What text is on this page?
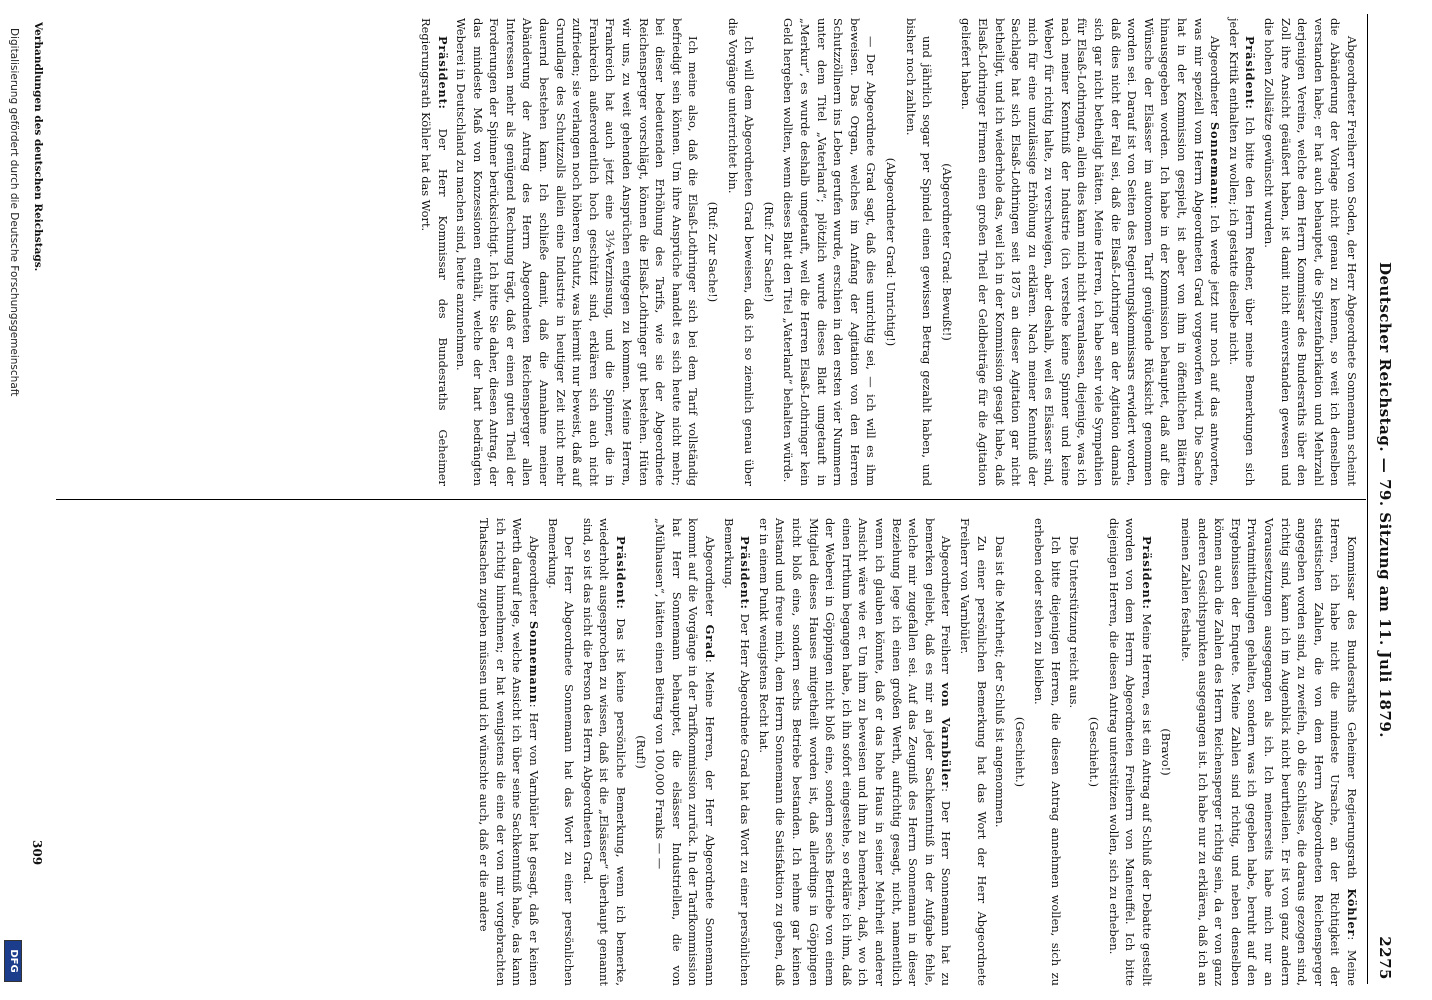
Deutscher Reichstag. — 79. Sitzung am 11. Juli 1879.
2275

Abgeordneter Freiherr von Soden, der Herr Abgeordnete Sonnemann scheint die Abänderung der Vorlage nicht genau zu kennen, so weit ich denselben verstanden habe; er hat auch behauptet, die Spitzenfabrikation und Mehrzahl derjenigen Vereine, welche dem Herrn Kommissar des Bundesraths über den Zoll ihre Ansicht geäußert haben, ist damit nicht einverstanden gewesen und die hohen Zollsätze gewünscht wurden.

Präsident: Ich bitte den Herrn Redner, über meine Bemerkungen sich jeder Kritik enthalten zu wollen; ich gestatte dieselbe nicht.

Abgeordneter Sonnemann: Ich werde jetzt nur noch auf das antworten, was mir speziell vom Herrn Abgeordneten Grad vorgeworfen wird. Die Sache hat in der Kommission gespielt, ist aber von ihm in öffentlichen Blättern hinausgegeben worden. Ich habe in der Kommission behauptet, daß auf die Wünsche der Elsässer im autonomen Tarif genügende Rücksicht genommen worden sei. Darauf ist von Seiten des Regierungskommissars erwidert worden, daß dies nicht der Fall sei, daß die Elsaß-Lothringer an der Agitation damals sich gar nicht betheiligt hätten. Meine Herren, ich habe sehr viele Sympathien für Elsaß-Lothringen, allein dies kann mich nicht veranlassen, diejenige, was ich nach meiner Kenntniß der Industrie (ich verstehe keine Spinner und keine Weber) für richtig halte, zu verschweigen, aber deshalb, weil es Elsässer sind, mich für eine unzulässige Erhöhung zu erklären. Nach meiner Kenntniß der Sachlage hat sich Elsaß-Lothringen seit 1875 an dieser Agitation gar nicht betheiligt, und ich wiederhole das, weil ich in der Kommission gesagt habe, daß Elsaß-Lothringer Firmen einen großen Theil der Geldbeiträge für die Agitation geliefert haben.

(Abgeordneter Grad: Bewußt!)

und jährlich sogar per Spindel einen gewissen Betrag gezahlt haben, und bisher noch zahlten.

(Abgeordneter Grad: Unrichtig!)

— Der Abgeordnete Grad sagt, daß dies unrichtig sei, — ich will es ihm beweisen. Das Organ, welches im Anfang der Agitation von den Herren Schutzzöllnern ins Leben gerufen wurde, erschien in den ersten vier Nummern unter dem Titel „Vaterland“; plötzlich wurde dieses Blatt umgetauft in „Merkur“, es wurde deshalb umgetauft, weil die Herren Elsaß-Lothringer kein Geld hergeben wollten, wenn dieses Blatt den Titel „Vaterland“ behalten würde.

(Ruf: Zur Sache!)

Ich will dem Abgeordneten Grad beweisen, daß ich so ziemlich genau über die Vorgänge unterrichtet bin.

(Ruf: Zur Sache!)

Ich meine also, daß die Elsaß-Lothringer sich bei dem Tarif vollständig befriedigt sein können. Um ihre Ansprüche handelt es sich heute nicht mehr; bei dieser bedeutenden Erhöhung des Tarifs, wie sie der Abgeordnete Reichensperger vorschlägt, können die Elsaß-Lothringer gut bestehen. Hüten wir uns, zu weit gehenden Ansprüchen entgegen zu kommen. Meine Herren, Frankreich hat auch jetzt eine 3⅓-Verzinsung, und die Spinner, die in Frankreich außerordentlich hoch geschützt sind, erklären sich auch nicht zufrieden; sie verlangen noch höheren Schutz, was hiermit nur beweist, daß auf Grundlage des Schutzzolls allein eine Industrie in heutiger Zeit nicht mehr dauernd bestehen kann. Ich schließe damit, daß die Annahme meiner Abänderung der Antrag des Herrn Abgeordneten Reichensperger allen Interessen mehr als genügend Rechnung trägt, daß er einen guten Theil der Forderungen der Spinner berücksichtigt. Ich bitte Sie daher, diesen Antrag, der das mindeste Maß von Konzessionen enthält, welche der hart bedrängten Weberei in Deutschland zu machen sind, heute anzunehmen.

Präsident: Der Herr Kommissar des Bundesraths Geheimer Regierungsrath Köhler hat das Wort.

Kommissar des Bundesraths Geheimer Regierungsrath Köhler: Meine Herren, ich habe nicht die mindeste Ursache, an der Richtigkeit der statistischen Zahlen, die von dem Herrn Abgeordneten Reichensperger angegeben worden sind, zu zweifeln, ob die Schlüsse, die daraus gezogen sind, richtig sind, kann ich im Augenblick nicht beurtheilen. Er ist von ganz andern Voraussetzungen ausgegangen als ich. Ich meinerseits habe mich nur an Privatmittheilungen gehalten, sondern was ich gegeben habe, beruht auf den Ergebnissen der Enquete. Meine Zahlen sind richtig, und neben denselben können auch die Zahlen des Herrn Reichensperger richtig sein, da er von ganz anderen Gesichtspunkten ausgegangen ist. Ich habe nur zu erklären, daß ich an meinen Zahlen festhalte.

(Bravo!)

Präsident: Meine Herren, es ist ein Antrag auf Schluß der Debatte gestellt worden von dem Herrn Abgeordneten Freiherrn von Manteuffel. Ich bitte diejenigen Herren, die diesen Antrag unterstützen wollen, sich zu erheben.

(Geschieht.)

Die Unterstützung reicht aus.

Ich bitte diejenigen Herren, die diesen Antrag annehmen wollen, sich zu erheben oder stehen zu bleiben.

(Geschieht.)

Das ist die Mehrheit; der Schluß ist angenommen.

Zu einer persönlichen Bemerkung hat das Wort der Herr Abgeordnete Freiherr von Varnbüler.

Abgeordneter Freiherr von Varnbüler: Der Herr Sonnemann hat zu bemerken geliebt, daß es mir an jeder Sachkenntniß in der Aufgabe fehle, welche mir zugefallen sei. Auf das Zeugniß des Herrn Sonnemann in dieser Beziehung lege ich einen großen Werth, aufrichtig gesagt, nicht, namentlich wenn ich glauben könnte, daß er das hohe Haus in seiner Mehrheit anderer Ansicht wäre wie er. Um ihm zu beweisen und ihm zu bemerken, daß, wo ich einen Irrthum begangen habe, ich ihn sofort eingestehe, so erkläre ich ihm, daß der Weberei in Göppingen nicht bloß eine, sondern sechs Betriebe von einem Mitglied dieses Hauses mitgetheilt worden ist, daß allerdings in Göppingen nicht bloß eine, sondern sechs Betriebe bestanden. Ich nehme gar keinen Anstand und freue mich, dem Herrn Sonnemann die Satisfaktion zu geben, daß er in einem Punkt wenigstens Recht hat.

Präsident: Der Herr Abgeordnete Grad hat das Wort zu einer persönlichen Bemerkung.

Abgeordneter Grad: Meine Herren, der Herr Abgeordnete Sonnemann kommt auf die Vorgänge in der Tarifkommission zurück. In der Tarifkommission hat Herr Sonnemann behauptet, die elsässer Industriellen, die von „Mülhausen“, hätten einen Beitrag von 100,000 Franks — —

(Ruf!)

Präsident: Das ist keine persönliche Bemerkung, wenn ich bemerke, wiederholt ausgesprochen zu wissen, daß ist die „Elsässer“ überhaupt genannt sind, so ist das nicht die Person des Herrn Abgeordneten Grad.

Der Herr Abgeordnete Sonnemann hat das Wort zu einer persönlichen Bemerkung.

Abgeordneter Sonnemann: Herr von Varnbüler hat gesagt, daß er keinen Werth darauf lege, welche Ansicht ich über seine Sachkenntniß habe, das kann ich richtig hinnehmen; er hat wenigstens die eine der von mir vorgebrachten Thatsachen zugeben müssen und ich wünschte auch, daß er die andere

Verhandlungen des deutschen Reichstags.
309
Digitalisierung gefördert durch die Deutsche Forschungsgemeinschaft
DFG
